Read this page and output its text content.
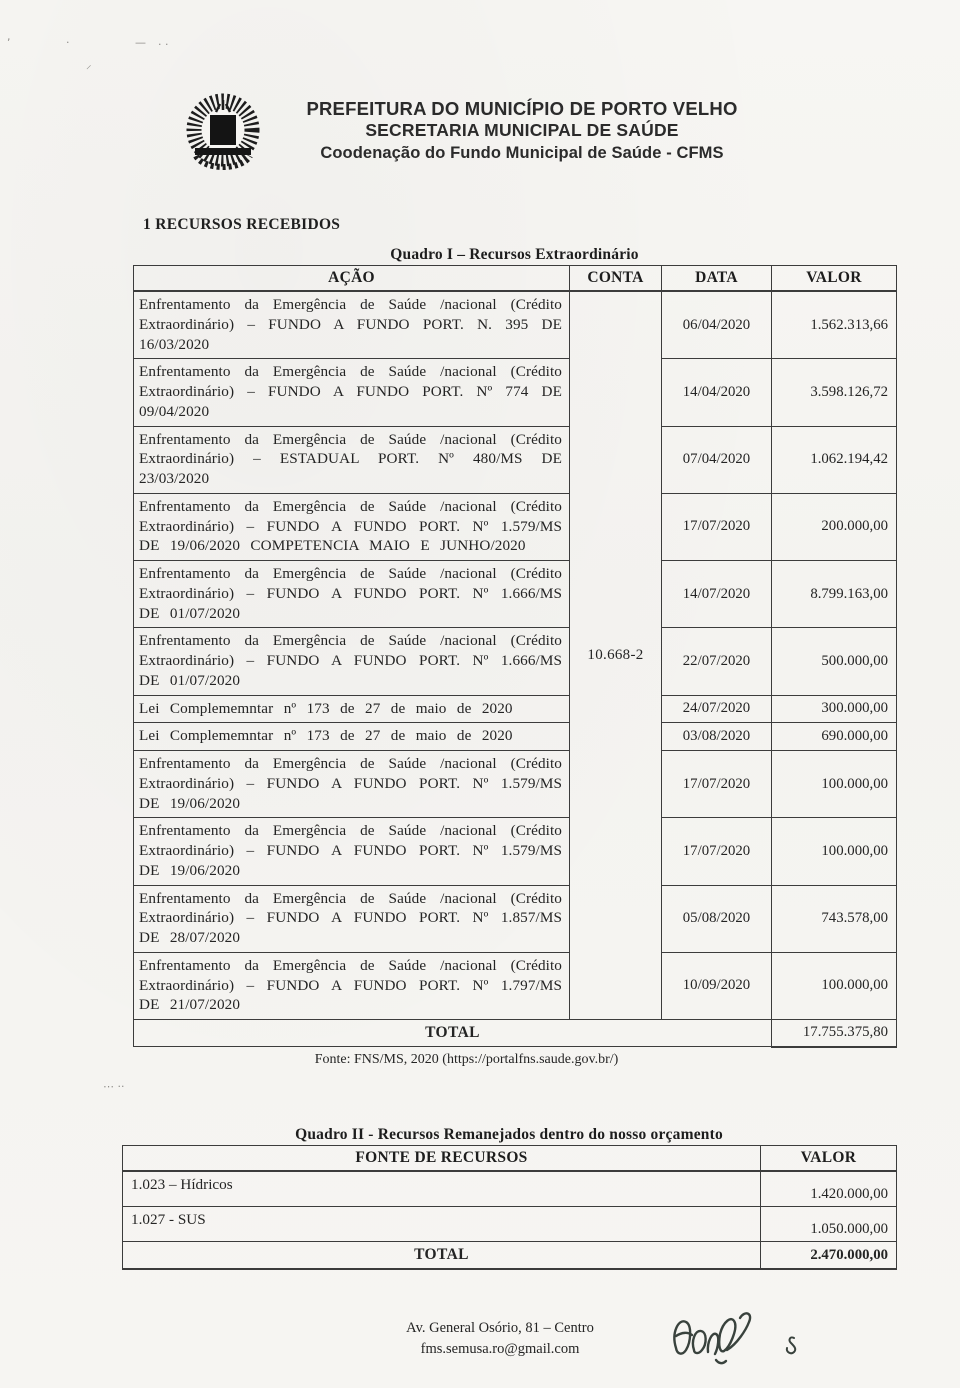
,	·	— · ·
⸍
⋯ ··
PREFEITURA DO MUNICÍPIO DE PORTO VELHO
SECRETARIA MUNICIPAL DE SAÚDE
Coodenação do Fundo Municipal de Saúde - CFMS
1 RECURSOS RECEBIDOS
Quadro I – Recursos Extraordinário
AÇÃO	CONTA	DATA	VALOR
Enfrentamento da Emergência de Saúde /nacional (Crédito Extraordinário) – FUNDO A FUNDO PORT. N. 395 DE 16/03/2020	10.668-2	06/04/2020	1.562.313,66
Enfrentamento da Emergência de Saúde /nacional (Crédito Extraordinário) – FUNDO A FUNDO PORT. Nº 774 DE 09/04/2020		14/04/2020	3.598.126,72
Enfrentamento da Emergência de Saúde /nacional (Crédito Extraordinário) – ESTADUAL PORT. Nº 480/MS DE 23/03/2020		07/04/2020	1.062.194,42
Enfrentamento da Emergência de Saúde /nacional (Crédito Extraordinário) – FUNDO A FUNDO PORT. Nº 1.579/MS DE 19/06/2020 COMPETENCIA MAIO E JUNHO/2020		17/07/2020	200.000,00
Enfrentamento da Emergência de Saúde /nacional (Crédito Extraordinário) – FUNDO A FUNDO PORT. Nº 1.666/MS DE 01/07/2020		14/07/2020	8.799.163,00
Enfrentamento da Emergência de Saúde /nacional (Crédito Extraordinário) – FUNDO A FUNDO PORT. Nº 1.666/MS DE 01/07/2020		22/07/2020	500.000,00
Lei Complememntar nº 173 de 27 de maio de 2020		24/07/2020	300.000,00
Lei Complememntar nº 173 de 27 de maio de 2020		03/08/2020	690.000,00
Enfrentamento da Emergência de Saúde /nacional (Crédito Extraordinário) – FUNDO A FUNDO PORT. Nº 1.579/MS DE 19/06/2020		17/07/2020	100.000,00
Enfrentamento da Emergência de Saúde /nacional (Crédito Extraordinário) – FUNDO A FUNDO PORT. Nº 1.579/MS DE 19/06/2020		17/07/2020	100.000,00
Enfrentamento da Emergência de Saúde /nacional (Crédito Extraordinário) – FUNDO A FUNDO PORT. Nº 1.857/MS DE 28/07/2020		05/08/2020	743.578,00
Enfrentamento da Emergência de Saúde /nacional (Crédito Extraordinário) – FUNDO A FUNDO PORT. Nº 1.797/MS DE 21/07/2020		10/09/2020	100.000,00
TOTAL			17.755.375,80
Fonte: FNS/MS, 2020 (https://portalfns.saude.gov.br/)
Quadro II - Recursos Remanejados dentro do nosso orçamento
FONTE DE RECURSOS	VALOR
1.023 – Hídricos	1.420.000,00
1.027 - SUS	1.050.000,00
TOTAL	2.470.000,00
Av. General Osório, 81 – Centro
fms.semusa.ro@gmail.com
